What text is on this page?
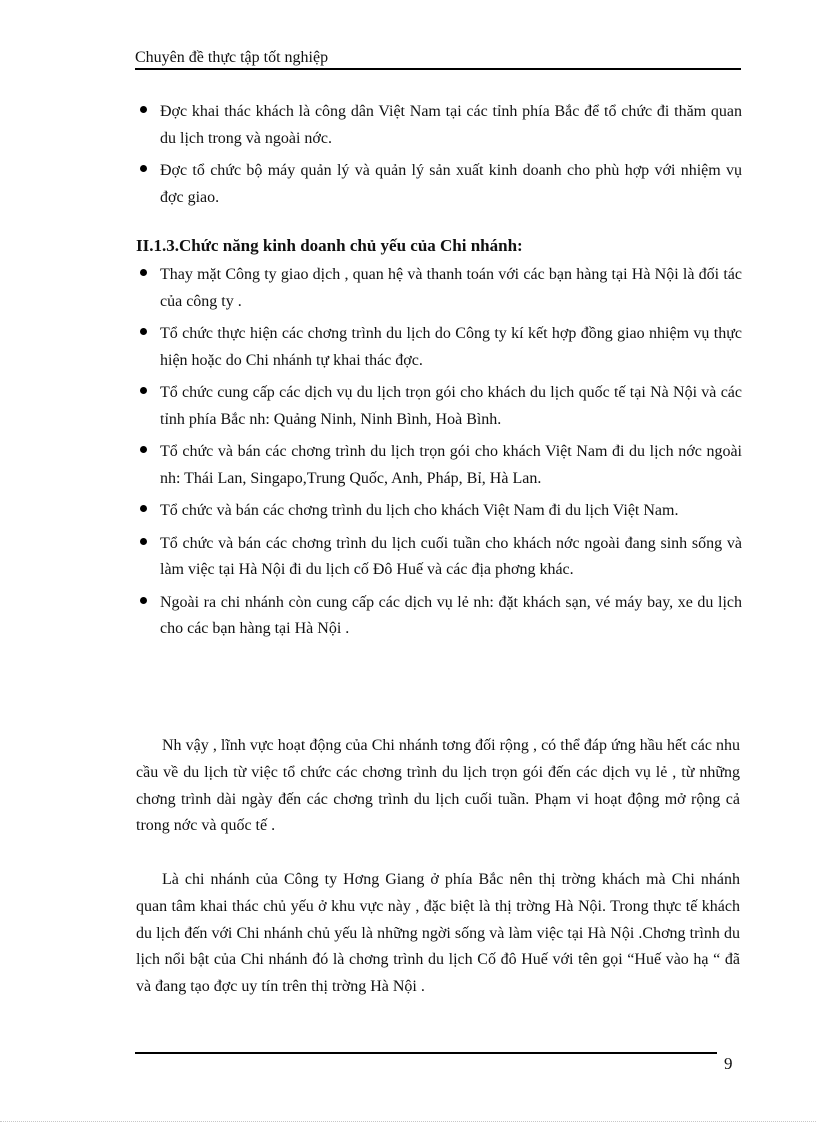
Chuyên đề thực tập tốt nghiệp
Đợc khai thác khách là công dân Việt Nam tại các tỉnh phía Bắc để tổ chức đi thăm quan du lịch trong và ngoài nớc.
Đợc tổ chức bộ máy quản lý và quản lý sản xuất kinh doanh cho phù hợp với nhiệm vụ đợc giao.
II.1.3.Chức năng kinh doanh chủ yếu của Chi nhánh:
Thay mặt Công ty giao dịch , quan hệ và thanh toán với các bạn hàng tại Hà Nội là đối tác của công ty .
Tổ chức thực hiện các chơng trình du lịch do Công ty kí kết hợp đồng giao nhiệm vụ thực hiện hoặc do Chi nhánh tự khai thác đợc.
Tổ chức cung cấp các dịch vụ du lịch trọn gói cho khách du lịch quốc tế tại Nà Nội và các tỉnh phía Bắc nh: Quảng Ninh, Ninh Bình, Hoà Bình.
Tổ chức và bán các chơng trình du lịch trọn gói cho khách Việt Nam đi du lịch nớc ngoài nh: Thái Lan, Singapo,Trung Quốc, Anh, Pháp, Bỉ, Hà Lan.
Tổ chức và bán các chơng trình du lịch cho khách Việt Nam đi du lịch Việt Nam.
Tổ chức và bán các chơng trình du lịch cuối tuần cho khách nớc ngoài đang sinh sống và làm việc tại Hà Nội đi du lịch cố Đô Huế và các địa phơng khác.
Ngoài ra chi nhánh còn cung cấp các dịch vụ lẻ nh: đặt khách sạn, vé máy bay, xe du lịch cho các bạn hàng tại Hà Nội .

Nh vậy , lĩnh vực hoạt động của Chi nhánh tơng đối rộng , có thể đáp ứng hầu hết các nhu cầu về du lịch từ việc tổ chức các chơng trình du lịch trọn gói đến các dịch vụ lẻ , từ những chơng trình dài ngày đến các chơng trình du lịch cuối tuần. Phạm vi hoạt động mở rộng cả trong nớc và quốc tế .

Là chi nhánh của Công ty Hơng Giang ở phía Bắc nên thị trờng khách mà Chi nhánh quan tâm khai thác chủ yếu ở khu vực này , đặc biệt là thị trờng Hà Nội. Trong thực tế khách du lịch đến với Chi nhánh chủ yếu là những ngời sống và làm việc tại Hà Nội .Chơng trình du lịch nổi bật của Chi nhánh đó là chơng trình du lịch Cố đô Huế với tên gọi “Huế vào hạ “ đã và đang tạo đợc uy tín trên thị trờng Hà Nội .

9
